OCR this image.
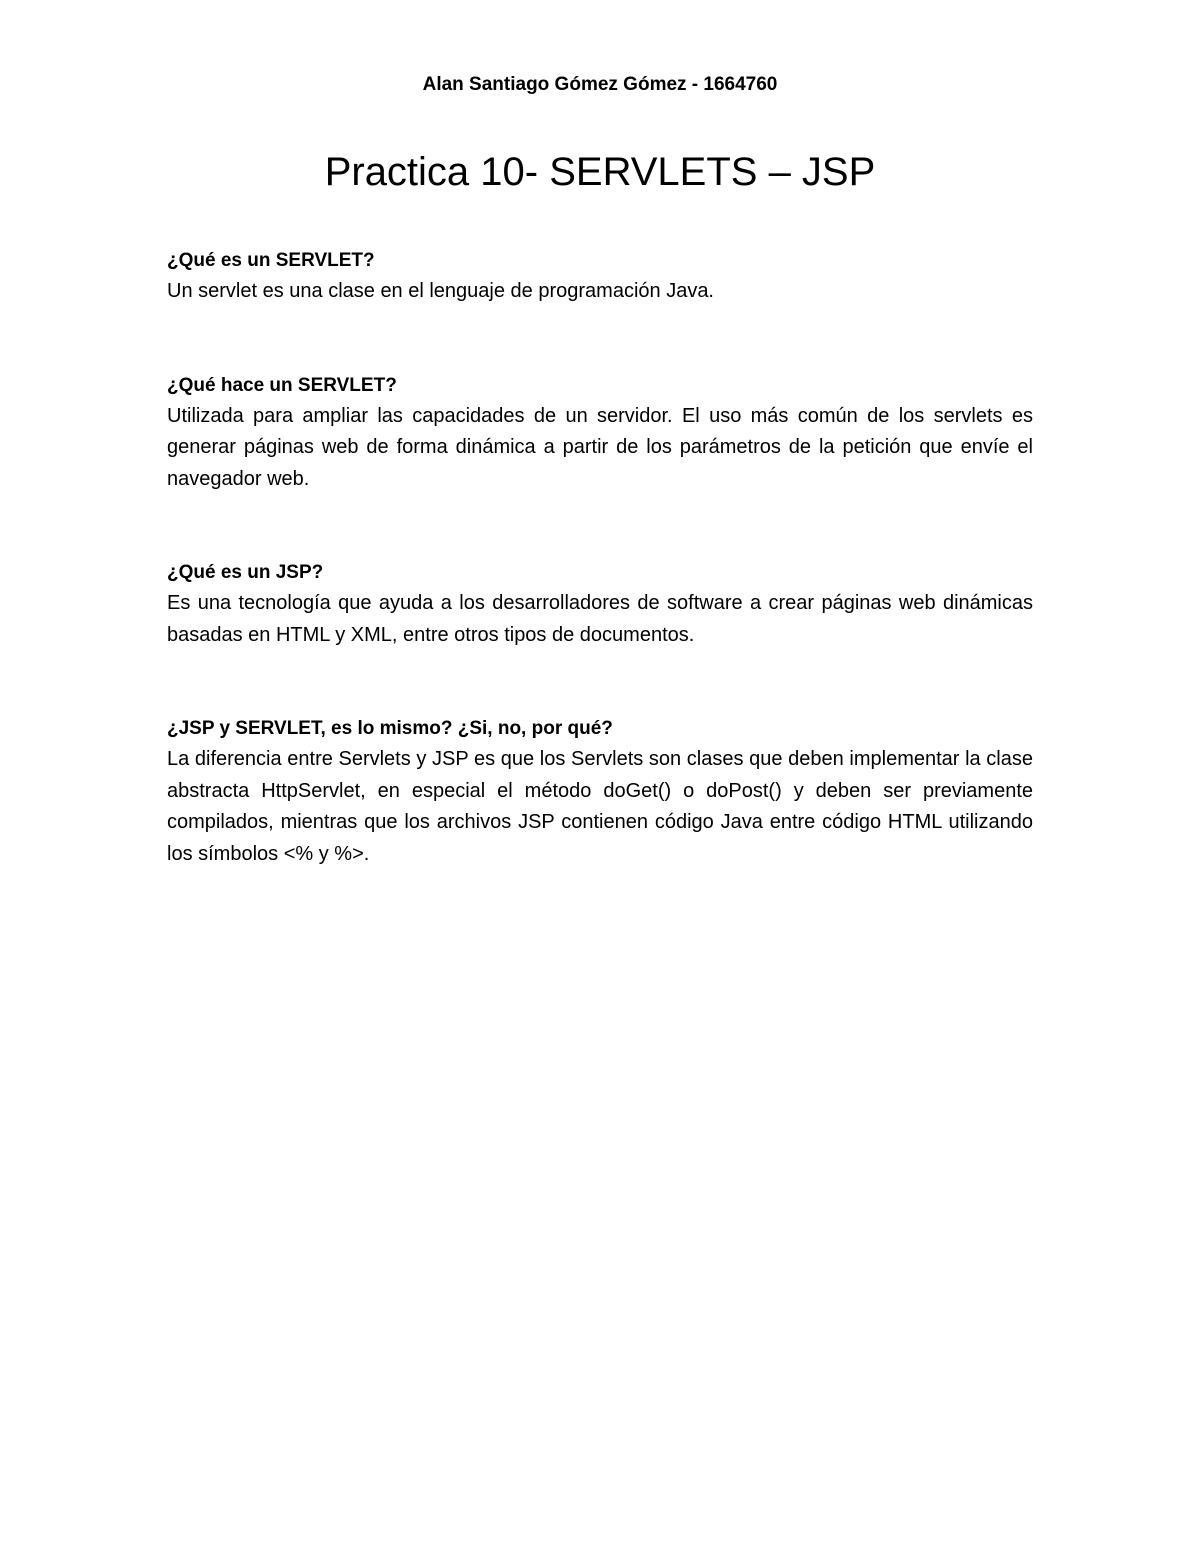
Alan Santiago Gómez Gómez - 1664760
Practica 10- SERVLETS – JSP

¿Qué es un SERVLET?

Un servlet es una clase en el lenguaje de programación Java.

¿Qué hace un SERVLET?

Utilizada para ampliar las capacidades de un servidor. El uso más común de los servlets es generar páginas web de forma dinámica a partir de los parámetros de la petición que envíe el navegador web.

¿Qué es un JSP?

Es una tecnología que ayuda a los desarrolladores de software a crear páginas web dinámicas basadas en HTML y XML, entre otros tipos de documentos.

¿JSP y SERVLET, es lo mismo? ¿Si, no, por qué?

La diferencia entre Servlets y JSP es que los Servlets son clases que deben implementar la clase abstracta HttpServlet, en especial el método doGet() o doPost() y deben ser previamente compilados, mientras que los archivos JSP contienen código Java entre código HTML utilizando los símbolos <% y %>.
